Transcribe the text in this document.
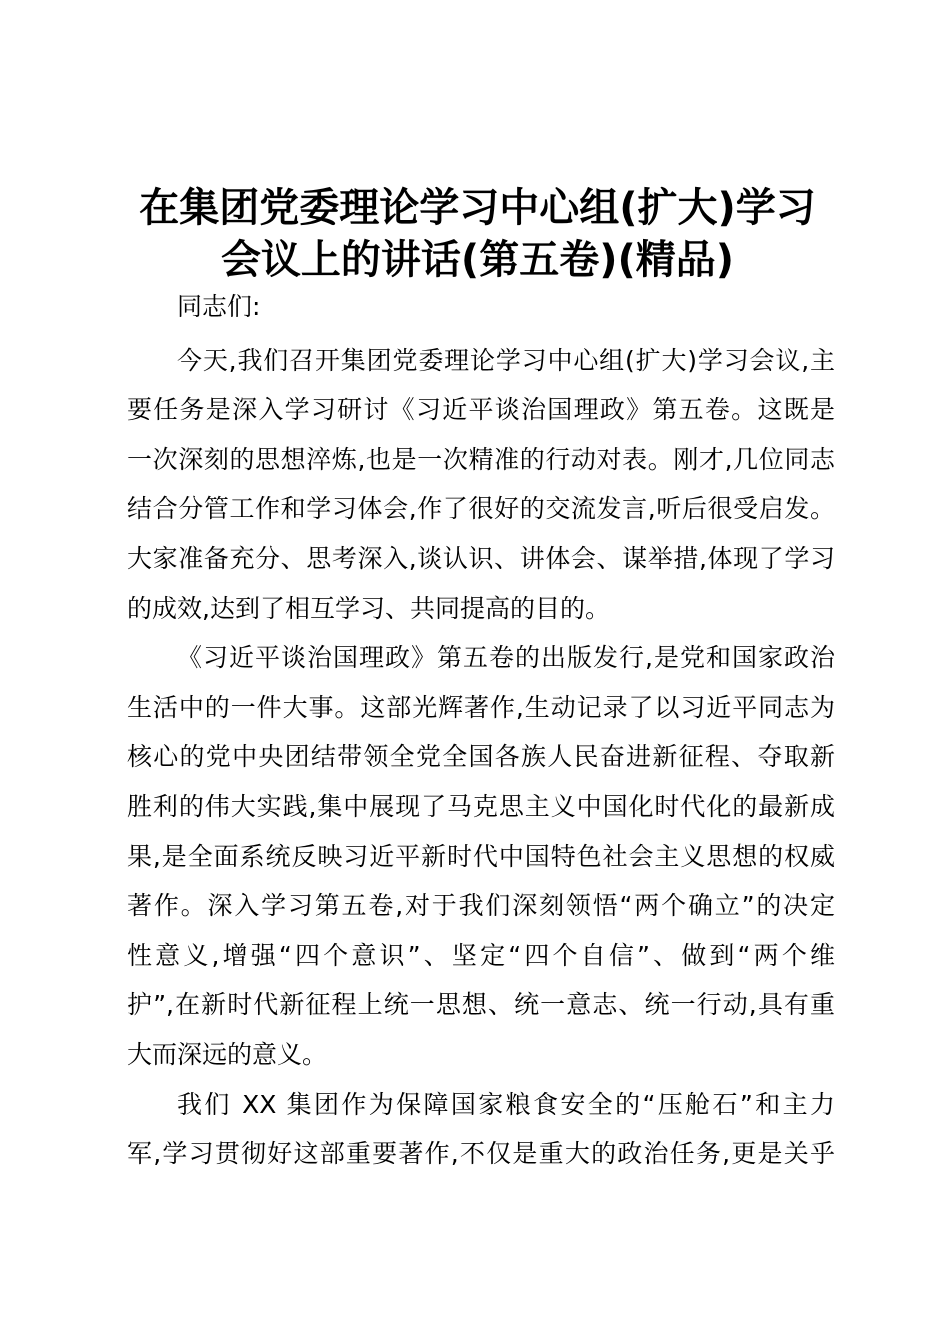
在集团党委理论学习中心组(扩大)学习
会议上的讲话(第五卷)(精品)

同志们:

今天,我们召开集团党委理论学习中心组(扩大)学习会议,主
要任务是深入学习研讨《习近平谈治国理政》第五卷。这既是
一次深刻的思想淬炼,也是一次精准的行动对表。刚才,几位同志
结合分管工作和学习体会,作了很好的交流发言,听后很受启发。
大家准备充分、思考深入,谈认识、讲体会、谋举措,体现了学习
的成效,达到了相互学习、共同提高的目的。

《习近平谈治国理政》第五卷的出版发行,是党和国家政治
生活中的一件大事。这部光辉著作,生动记录了以习近平同志为
核心的党中央团结带领全党全国各族人民奋进新征程、夺取新
胜利的伟大实践,集中展现了马克思主义中国化时代化的最新成
果,是全面系统反映习近平新时代中国特色社会主义思想的权威
著作。深入学习第五卷,对于我们深刻领悟“两个确立”的决定
性意义,增强“四个意识”、坚定“四个自信”、做到“两个维
护”,在新时代新征程上统一思想、统一意志、统一行动,具有重
大而深远的意义。

我们 XX 集团作为保障国家粮食安全的“压舱石”和主力
军,学习贯彻好这部重要著作,不仅是重大的政治任务,更是关乎
